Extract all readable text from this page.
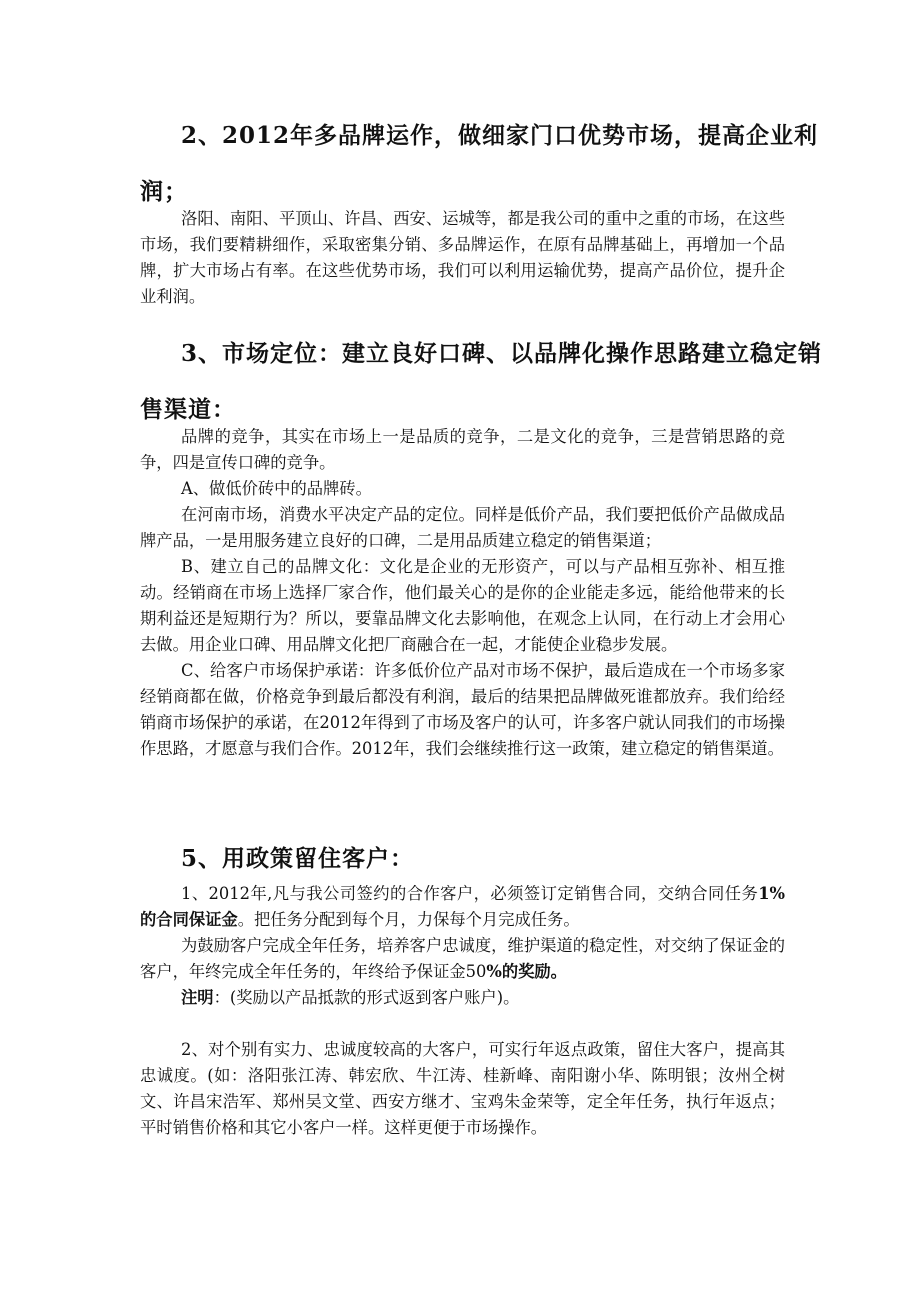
2、2012年多品牌运作，做细家门口优势市场，提高企业利
润；

洛阳、南阳、平顶山、许昌、西安、运城等，都是我公司的重中之重的市场，在这些市场，我们要精耕细作，采取密集分销、多品牌运作，在原有品牌基础上，再增加一个品牌，扩大市场占有率。在这些优势市场，我们可以利用运输优势，提高产品价位，提升企业利润。

3、市场定位：建立良好口碑、以品牌化操作思路建立稳定销
售渠道：

品牌的竞争，其实在市场上一是品质的竞争，二是文化的竞争，三是营销思路的竞争，四是宣传口碑的竞争。

A、做低价砖中的品牌砖。

在河南市场，消费水平决定产品的定位。同样是低价产品，我们要把低价产品做成品牌产品，一是用服务建立良好的口碑，二是用品质建立稳定的销售渠道；

B、建立自己的品牌文化：文化是企业的无形资产，可以与产品相互弥补、相互推动。经销商在市场上选择厂家合作，他们最关心的是你的企业能走多远，能给他带来的长期利益还是短期行为？所以，要靠品牌文化去影响他，在观念上认同，在行动上才会用心去做。用企业口碑、用品牌文化把厂商融合在一起，才能使企业稳步发展。

C、给客户市场保护承诺：许多低价位产品对市场不保护，最后造成在一个市场多家经销商都在做，价格竞争到最后都没有利润，最后的结果把品牌做死谁都放弃。我们给经销商市场保护的承诺，在2012年得到了市场及客户的认可，许多客户就认同我们的市场操作思路，才愿意与我们合作。2012年，我们会继续推行这一政策，建立稳定的销售渠道。

5、用政策留住客户：

1、2012年,凡与我公司签约的合作客户，必须签订定销售合同，交纳合同任务1%的合同保证金。把任务分配到每个月，力保每个月完成任务。

为鼓励客户完成全年任务，培养客户忠诚度，维护渠道的稳定性，对交纳了保证金的客户，年终完成全年任务的，年终给予保证金50%的奖励。

注明：(奖励以产品抵款的形式返到客户账户)。

2、对个别有实力、忠诚度较高的大客户，可实行年返点政策，留住大客户，提高其忠诚度。(如：洛阳张江涛、韩宏欣、牛江涛、桂新峰、南阳谢小华、陈明银；汝州仝树文、许昌宋浩军、郑州吴文堂、西安方继才、宝鸡朱金荣等，定全年任务，执行年返点；平时销售价格和其它小客户一样。这样更便于市场操作。
